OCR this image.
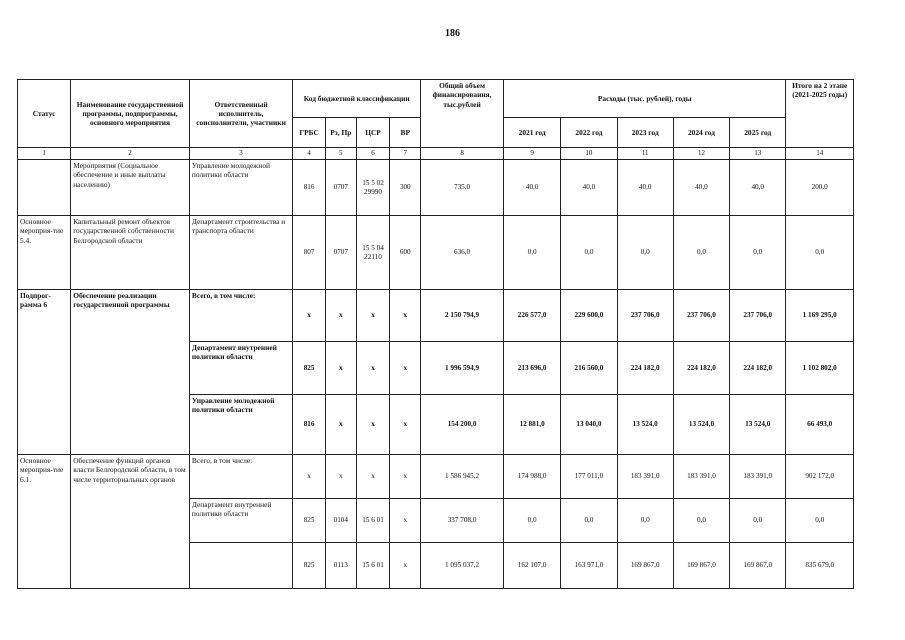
186
Статус	Наименование государственной программы, подпрограммы, основного мероприятия	Ответственный исполнитель, соисполнители, участники	Код бюджетной классификации				Общий объем финансирования, тыс.рублей	Расходы (тыс. рублей), годы					Итого на 2 этапе (2021-2025 годы)
			ГРБС	Рз, Пр	ЦСР	ВР		2021 год	2022 год	2023 год	2024 год	2025 год	
1	2	3	4	5	6	7	8	9	10	11	12	13	14
	Мероприятия (Социальное обеспечение и иные выплаты населению)	Управление молодежной политики области	816	0707	15 5 02 29990	300	735,0	40,0	40,0	40,0	40,0	40,0	200,0
Основное мероприя-тие 5.4.	Капитальный ремонт объектов государственной собственности Белгородской области	Департамент строительства и транспорта области	807	0707	15 5 04 22110	600	636,0	0,0	0,0	0,0	0,0	0,0	0,0
Подпрог-рамма 6	Обеспечение реализации государственной программы	Всего, в том числе:	х	х	х	х	2 150 794,9	226 577,0	229 600,0	237 706,0	237 706,0	237 706,0	1 169 295,0
		Департамент внутренней политики области	825	х	х	х	1 996 594,9	213 696,0	216 560,0	224 182,0	224 182,0	224 182,0	1 102 802,0
		Управление молодежной политики области	816	х	х	х	154 200,0	12 881,0	13 040,0	13 524,0	13 524,0	13 524,0	66 493,0
Основное мероприя-тие 6.1.	Обеспечение функций органов власти Белгородской области, в том числе территориальных органов	Всего, в том числе:	х	х	х	х	1 586 945,2	174 988,0	177 011,0	183 391,0	183 391,0	183 391,0	902 172,0
		Департамент внутренней политики области	825	0104	15 6 01	х	337 708,0	0,0	0,0	0,0	0,0	0,0	0,0
			825	0113	15 6 01	х	1 095 037,2	162 107,0	163 971,0	169 867,0	169 867,0	169 867,0	835 679,0
